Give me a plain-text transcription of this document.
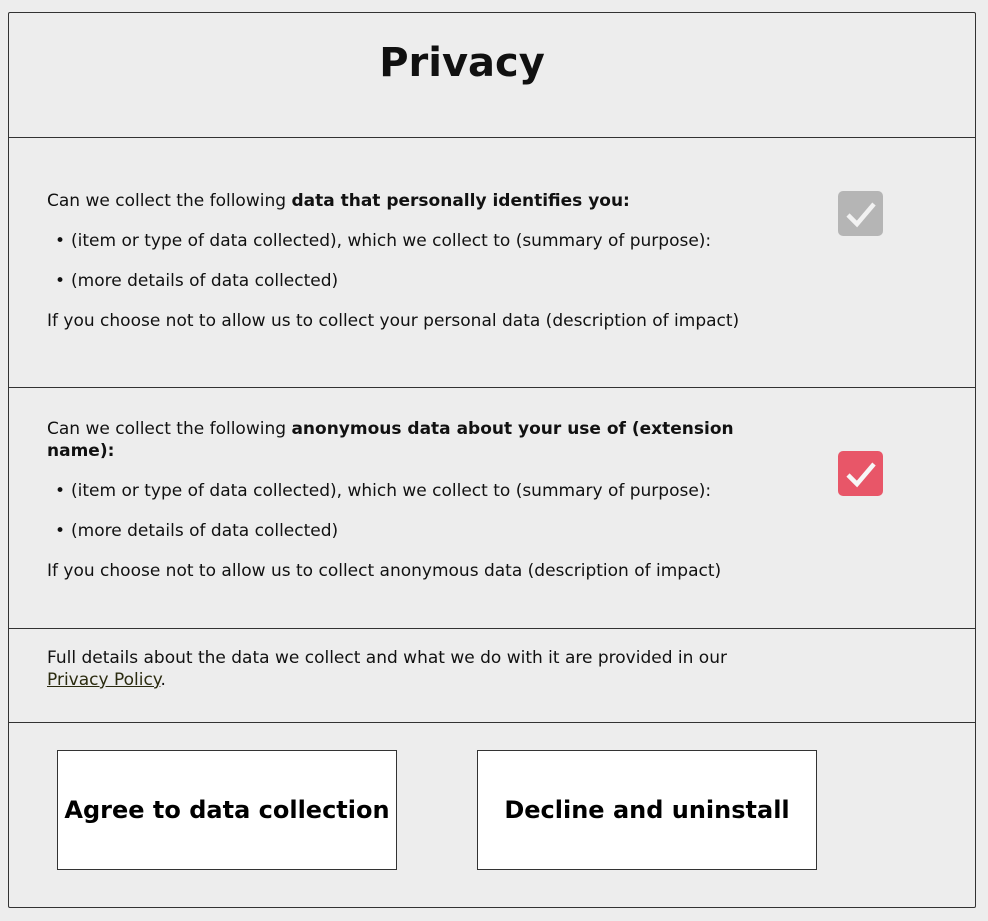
Privacy

Can we collect the following data that personally identifies you:

• (item or type of data collected), which we collect to (summary of purpose):
• (more details of data collected)

If you choose not to allow us to collect your personal data (description of impact)

Can we collect the following anonymous data about your use of (extension name):

• (item or type of data collected), which we collect to (summary of purpose):
• (more details of data collected)

If you choose not to allow us to collect anonymous data (description of impact)

Full details about the data we collect and what we do with it are provided in our Privacy Policy.

Agree to data collection	Decline and uninstall
